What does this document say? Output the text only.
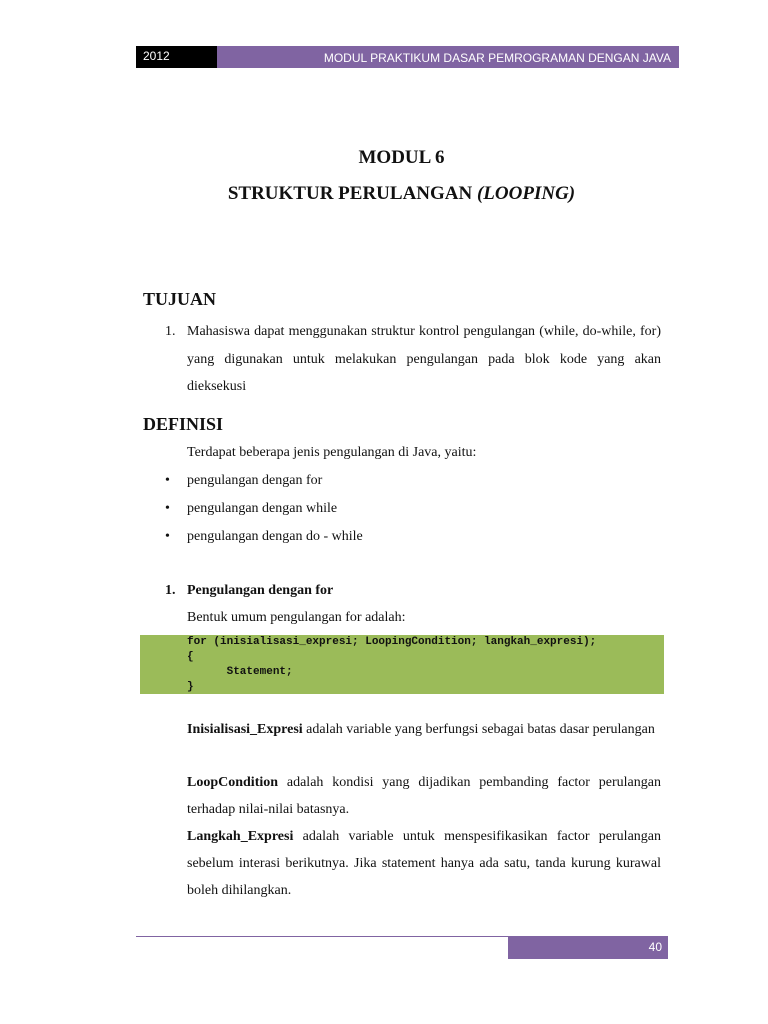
2012	MODUL PRAKTIKUM DASAR PEMROGRAMAN DENGAN JAVA
MODUL 6
STRUKTUR PERULANGAN (LOOPING)
TUJUAN
1. Mahasiswa dapat menggunakan struktur kontrol pengulangan (while, do-while, for) yang digunakan untuk melakukan pengulangan pada blok kode yang akan dieksekusi
DEFINISI
Terdapat beberapa jenis pengulangan di Java, yaitu:
• pengulangan dengan for
• pengulangan dengan while
• pengulangan dengan do - while
1. Pengulangan dengan for
Bentuk umum pengulangan for adalah:
for (inisialisasi_expresi; LoopingCondition; langkah_expresi);
{
Statement;
}
Inisialisasi_Expresi adalah variable yang berfungsi sebagai batas dasar perulangan
LoopCondition adalah kondisi yang dijadikan pembanding factor perulangan terhadap nilai-nilai batasnya.
Langkah_Expresi adalah variable untuk menspesifikasikan factor perulangan sebelum interasi berikutnya. Jika statement hanya ada satu, tanda kurung kurawal boleh dihilangkan.
40
